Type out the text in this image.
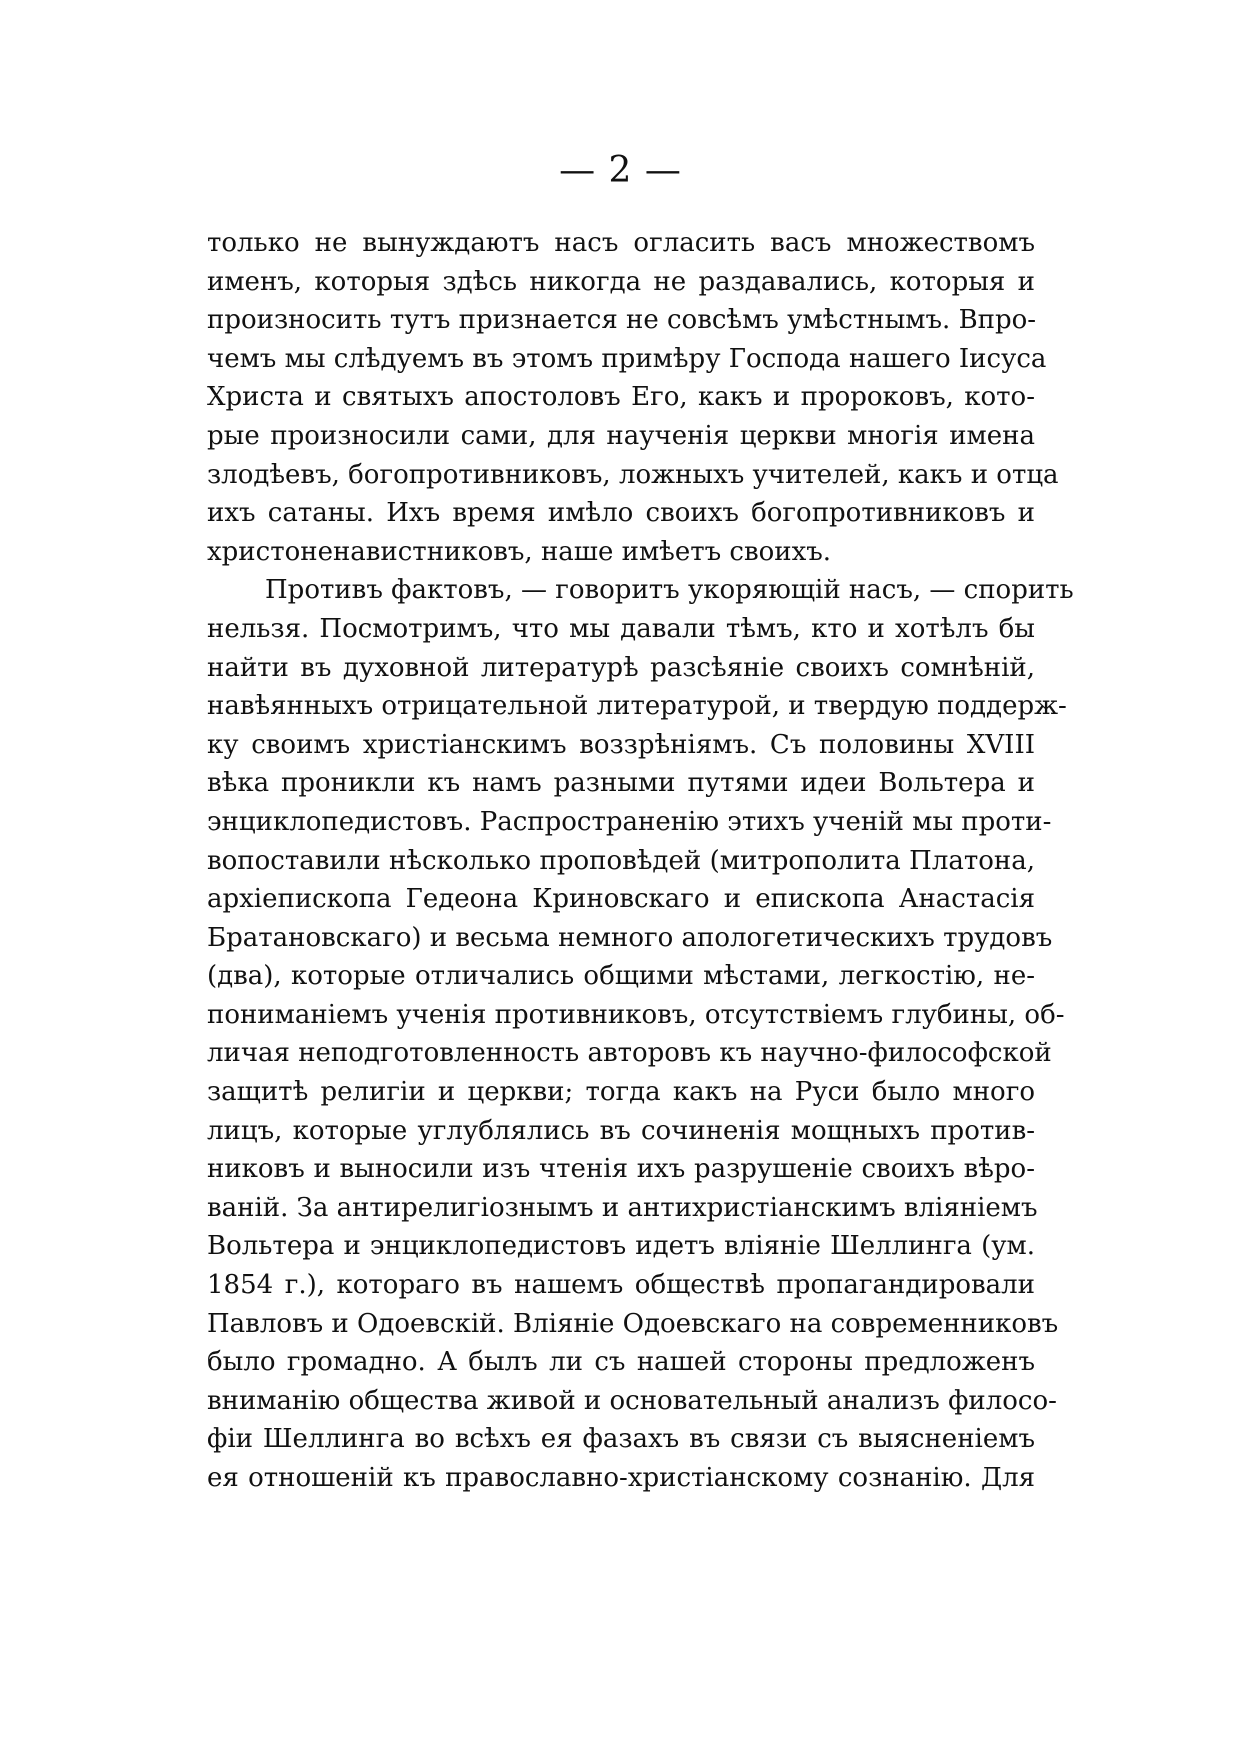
— 2 —
только не вынуждаютъ насъ огласить васъ множествомъ
именъ, которыя здѣсь никогда не раздавались, которыя и
произносить тутъ признается не совсѣмъ умѣстнымъ. Впро-
чемъ мы слѣдуемъ въ этомъ примѣру Господа нашего Іисуса
Христа и святыхъ апостоловъ Его, какъ и пророковъ, кото-
рые произносили сами, для наученія церкви многія имена
злодѣевъ, богопротивниковъ, ложныхъ учителей, какъ и отца
ихъ сатаны. Ихъ время имѣло своихъ богопротивниковъ и
христоненавистниковъ, наше имѣетъ своихъ.
Противъ фактовъ, — говоритъ укоряющій насъ, — спорить
нельзя. Посмотримъ, что мы давали тѣмъ, кто и хотѣлъ бы
найти въ духовной литературѣ разсѣяніе своихъ сомнѣній,
навѣянныхъ отрицательной литературой, и твердую поддерж-
ку своимъ христіанскимъ воззрѣніямъ. Съ половины XVIII
вѣка проникли къ намъ разными путями идеи Вольтера и
энциклопедистовъ. Распространенію этихъ ученій мы проти-
вопоставили нѣсколько проповѣдей (митрополита Платона,
архіепископа Гедеона Криновскаго и епископа Анастасія
Братановскаго) и весьма немного апологетическихъ трудовъ
(два), которые отличались общими мѣстами, легкостію, не-
пониманіемъ ученія противниковъ, отсутствіемъ глубины, об-
личая неподготовленность авторовъ къ научно-философской
защитѣ религіи и церкви; тогда какъ на Руси было много
лицъ, которые углублялись въ сочиненія мощныхъ против-
никовъ и выносили изъ чтенія ихъ разрушеніе своихъ вѣро-
ваній. За антирелигіознымъ и антихристіанскимъ вліяніемъ
Вольтера и энциклопедистовъ идетъ вліяніе Шеллинга (ум.
1854 г.), котораго въ нашемъ обществѣ пропагандировали
Павловъ и Одоевскій. Вліяніе Одоевскаго на современниковъ
было громадно. А былъ ли съ нашей стороны предложенъ
вниманію общества живой и основательный анализъ филосо-
фіи Шеллинга во всѣхъ ея фазахъ въ связи съ выясненіемъ
ея отношеній къ православно-христіанскому сознанію. Для
